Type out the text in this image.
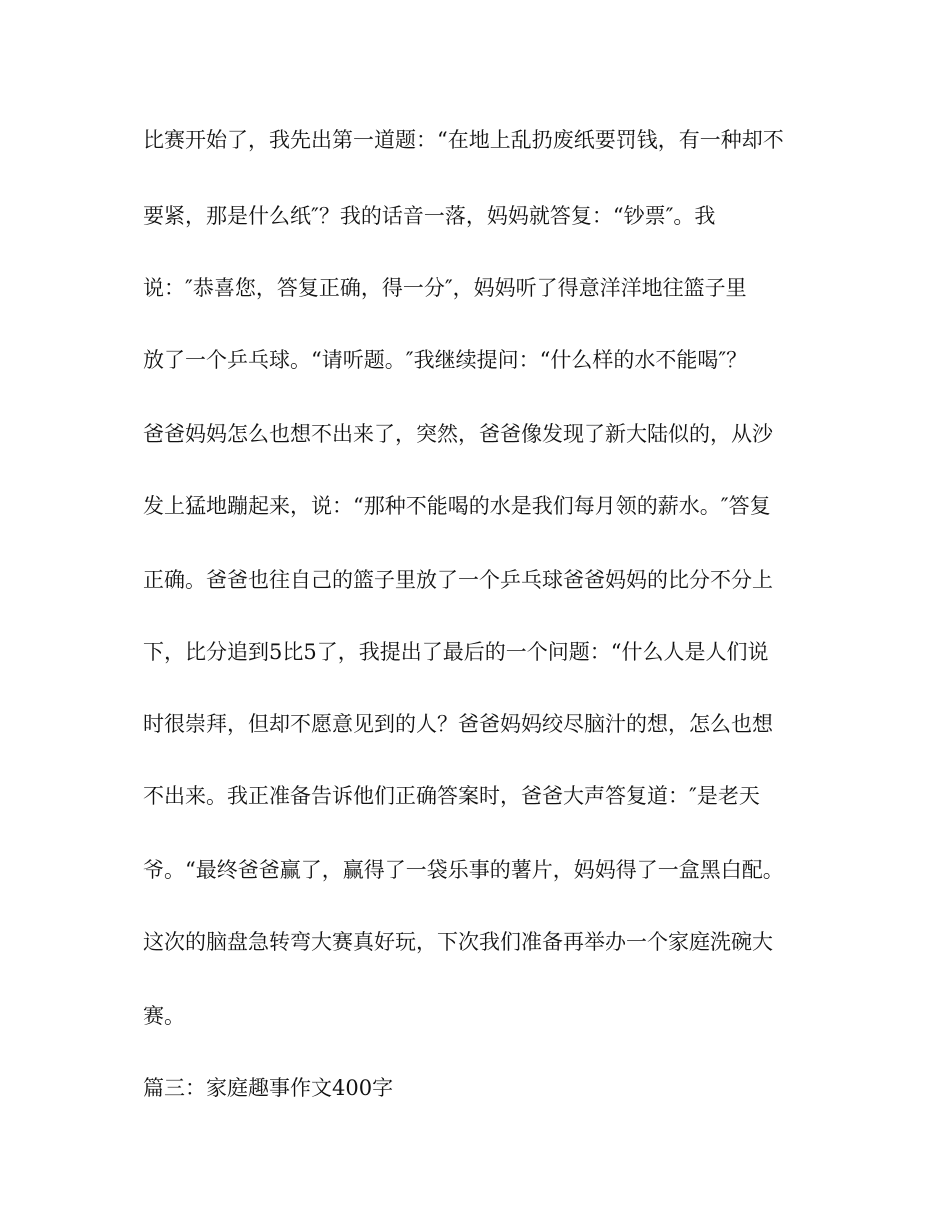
比赛开始了，我先出第一道题：“在地上乱扔废纸要罚钱，有一种却不

要紧，那是什么纸″？我的话音一落，妈妈就答复：“钞票″。我

说：″恭喜您，答复正确，得一分″，妈妈听了得意洋洋地往篮子里

放了一个乒乓球。“请听题。″我继续提问：“什么样的水不能喝″？

爸爸妈妈怎么也想不出来了，突然，爸爸像发现了新大陆似的，从沙

发上猛地蹦起来，说：“那种不能喝的水是我们每月领的薪水。″答复

正确。爸爸也往自己的篮子里放了一个乒乓球爸爸妈妈的比分不分上

下，比分追到5比5了，我提出了最后的一个问题：“什么人是人们说

时很崇拜，但却不愿意见到的人？爸爸妈妈绞尽脑汁的想，怎么也想

不出来。我正准备告诉他们正确答案时，爸爸大声答复道：″是老天

爷。“最终爸爸赢了，赢得了一袋乐事的薯片，妈妈得了一盒黑白配。

这次的脑盘急转弯大赛真好玩，下次我们准备再举办一个家庭洗碗大

赛。

篇三：家庭趣事作文400字
